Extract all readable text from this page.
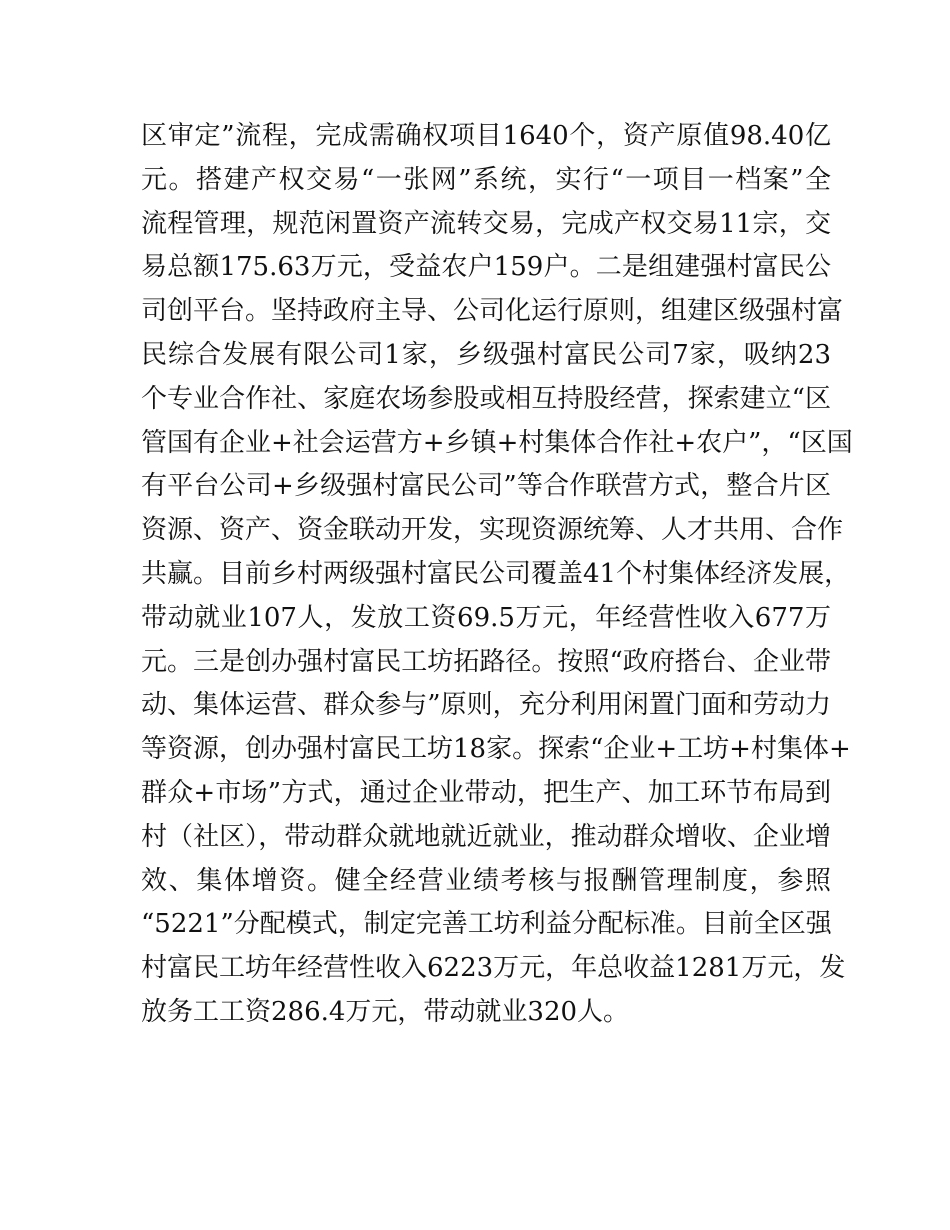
区审定”流程，完成需确权项目1640个，资产原值98.40亿
元。搭建产权交易“一张网”系统，实行“一项目一档案”全
流程管理，规范闲置资产流转交易，完成产权交易11宗，交
易总额175.63万元，受益农户159户。二是组建强村富民公
司创平台。坚持政府主导、公司化运行原则，组建区级强村富
民综合发展有限公司1家，乡级强村富民公司7家，吸纳23
个专业合作社、家庭农场参股或相互持股经营，探索建立“区
管国有企业+社会运营方+乡镇+村集体合作社+农户”，“区国
有平台公司+乡级强村富民公司”等合作联营方式，整合片区
资源、资产、资金联动开发，实现资源统筹、人才共用、合作
共赢。目前乡村两级强村富民公司覆盖41个村集体经济发展，
带动就业107人，发放工资69.5万元，年经营性收入677万
元。三是创办强村富民工坊拓路径。按照“政府搭台、企业带
动、集体运营、群众参与”原则，充分利用闲置门面和劳动力
等资源，创办强村富民工坊18家。探索“企业+工坊+村集体+
群众+市场”方式，通过企业带动，把生产、加工环节布局到
村（社区），带动群众就地就近就业，推动群众增收、企业增
效、集体增资。健全经营业绩考核与报酬管理制度，参照
“5221”分配模式，制定完善工坊利益分配标准。目前全区强
村富民工坊年经营性收入6223万元，年总收益1281万元，发
放务工工资286.4万元，带动就业320人。
